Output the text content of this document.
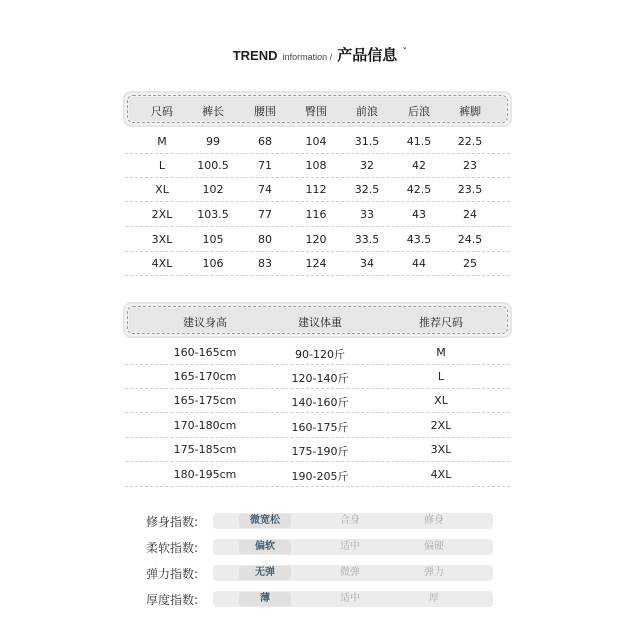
TREND information / 产品信息 $^ˇ$
尺码	裤长	腰围	臀围	前浪	后浪	裤脚
M	99	68	104	31.5	41.5	22.5
L	100.5	71	108	32	42	23
XL	102	74	112	32.5	42.5	23.5
2XL	103.5	77	116	33	43	24
3XL	105	80	120	33.5	43.5	24.5
4XL	106	83	124	34	44	25
建议身高	建议体重	推荐尺码
160-165cm	90-120斤	M
165-170cm	120-140斤	L
165-175cm	140-160斤	XL
170-180cm	160-175斤	2XL
175-185cm	175-190斤	3XL
180-195cm	190-205斤	4XL
修身指数:	微宽松	合身	修身
柔软指数:	偏软	适中	偏硬
弹力指数:	无弹	微弹	弹力
厚度指数:	薄	适中	厚
